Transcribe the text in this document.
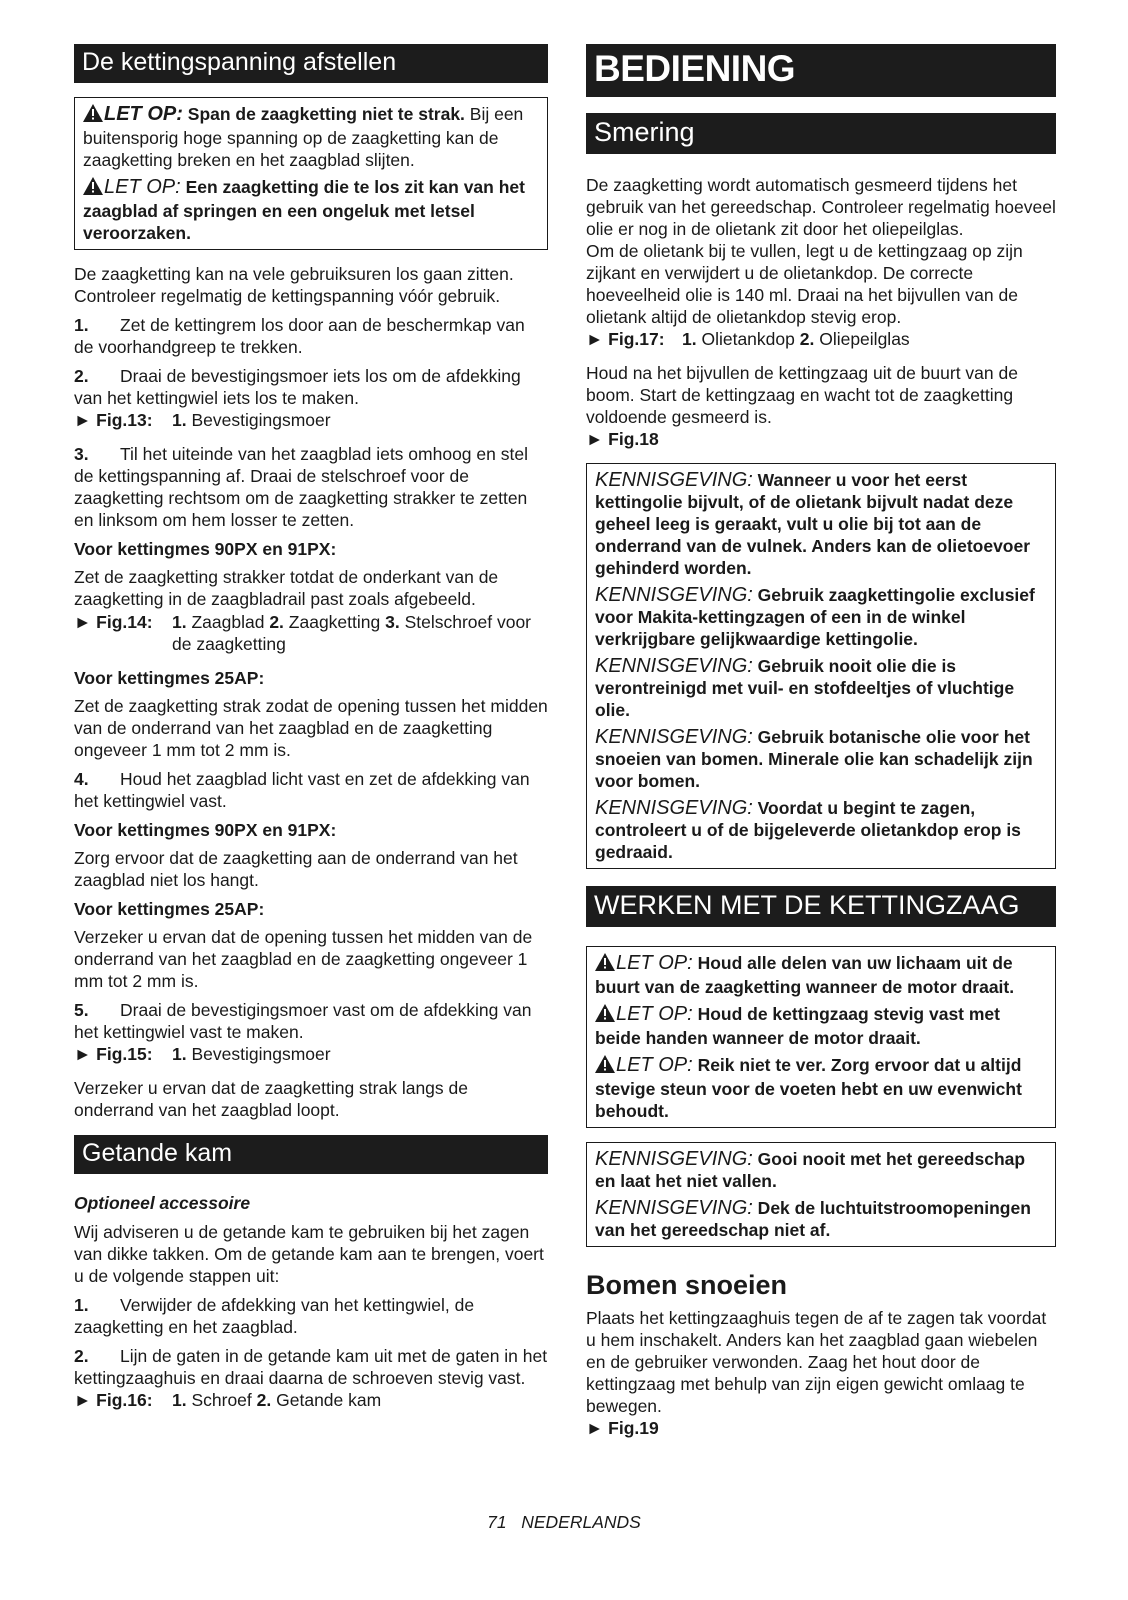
De kettingspanning afstellen

LET OP: Span de zaagketting niet te strak. Bij een buitensporig hoge spanning op de zaagketting kan de zaagketting breken en het zaagblad slijten.

LET OP: Een zaagketting die te los zit kan van het zaagblad af springen en een ongeluk met letsel veroorzaken.

De zaagketting kan na vele gebruiksuren los gaan zitten. Controleer regelmatig de kettingspanning vóór gebruik.

1.	Zet de kettingrem los door aan de beschermkap van de voorhandgreep te trekken.

2.	Draai de bevestigingsmoer iets los om de afdekking van het kettingwiel iets los te maken.

► Fig.13:	1. Bevestigingsmoer

3.	Til het uiteinde van het zaagblad iets omhoog en stel de kettingspanning af. Draai de stelschroef voor de zaagketting rechtsom om de zaagketting strakker te zetten en linksom om hem losser te zetten.

Voor kettingmes 90PX en 91PX:

Zet de zaagketting strakker totdat de onderkant van de zaagketting in de zaagbladrail past zoals afgebeeld.

► Fig.14:	1. Zaagblad 2. Zaagketting 3. Stelschroef voor de zaagketting

Voor kettingmes 25AP:

Zet de zaagketting strak zodat de opening tussen het midden van de onderrand van het zaagblad en de zaagketting ongeveer 1 mm tot 2 mm is.

4.	Houd het zaagblad licht vast en zet de afdekking van het kettingwiel vast.

Voor kettingmes 90PX en 91PX:

Zorg ervoor dat de zaagketting aan de onderrand van het zaagblad niet los hangt.

Voor kettingmes 25AP:

Verzeker u ervan dat de opening tussen het midden van de onderrand van het zaagblad en de zaagketting ongeveer 1 mm tot 2 mm is.

5.	Draai de bevestigingsmoer vast om de afdekking van het kettingwiel vast te maken.

► Fig.15:	1. Bevestigingsmoer

Verzeker u ervan dat de zaagketting strak langs de onderrand van het zaagblad loopt.

Getande kam

Optioneel accessoire

Wij adviseren u de getande kam te gebruiken bij het zagen van dikke takken. Om de getande kam aan te brengen, voert u de volgende stappen uit:

1.	Verwijder de afdekking van het kettingwiel, de zaagketting en het zaagblad.

2.	Lijn de gaten in de getande kam uit met de gaten in het kettingzaaghuis en draai daarna de schroeven stevig vast.

► Fig.16:	1. Schroef 2. Getande kam
BEDIENING
Smering

De zaagketting wordt automatisch gesmeerd tijdens het gebruik van het gereedschap. Controleer regelmatig hoeveel olie er nog in de olietank zit door het oliepeilglas.

Om de olietank bij te vullen, legt u de kettingzaag op zijn zijkant en verwijdert u de olietankdop. De correcte hoeveelheid olie is 140 ml. Draai na het bijvullen van de olietank altijd de olietankdop stevig erop.

► Fig.17: 1. Olietankdop 2. Oliepeilglas

Houd na het bijvullen de kettingzaag uit de buurt van de boom. Start de kettingzaag en wacht tot de zaagketting voldoende gesmeerd is.

► Fig.18

KENNISGEVING: Wanneer u voor het eerst kettingolie bijvult, of de olietank bijvult nadat deze geheel leeg is geraakt, vult u olie bij tot aan de onderrand van de vulnek. Anders kan de olietoevoer gehinderd worden.

KENNISGEVING: Gebruik zaagkettingolie exclusief voor Makita-kettingzagen of een in de winkel verkrijgbare gelijkwaardige kettingolie.

KENNISGEVING: Gebruik nooit olie die is verontreinigd met vuil- en stofdeeltjes of vluchtige olie.

KENNISGEVING: Gebruik botanische olie voor het snoeien van bomen. Minerale olie kan schadelijk zijn voor bomen.

KENNISGEVING: Voordat u begint te zagen, controleert u of de bijgeleverde olietankdop erop is gedraaid.

WERKEN MET DE KETTINGZAAG

LET OP: Houd alle delen van uw lichaam uit de buurt van de zaagketting wanneer de motor draait.

LET OP: Houd de kettingzaag stevig vast met beide handen wanneer de motor draait.

LET OP: Reik niet te ver. Zorg ervoor dat u altijd stevige steun voor de voeten hebt en uw evenwicht behoudt.

KENNISGEVING: Gooi nooit met het gereedschap en laat het niet vallen.

KENNISGEVING: Dek de luchtuitstroomopeningen van het gereedschap niet af.

Bomen snoeien

Plaats het kettingzaaghuis tegen de af te zagen tak voordat u hem inschakelt. Anders kan het zaagblad gaan wiebelen en de gebruiker verwonden. Zaag het hout door de kettingzaag met behulp van zijn eigen gewicht omlaag te bewegen.

► Fig.19

71   NEDERLANDS
